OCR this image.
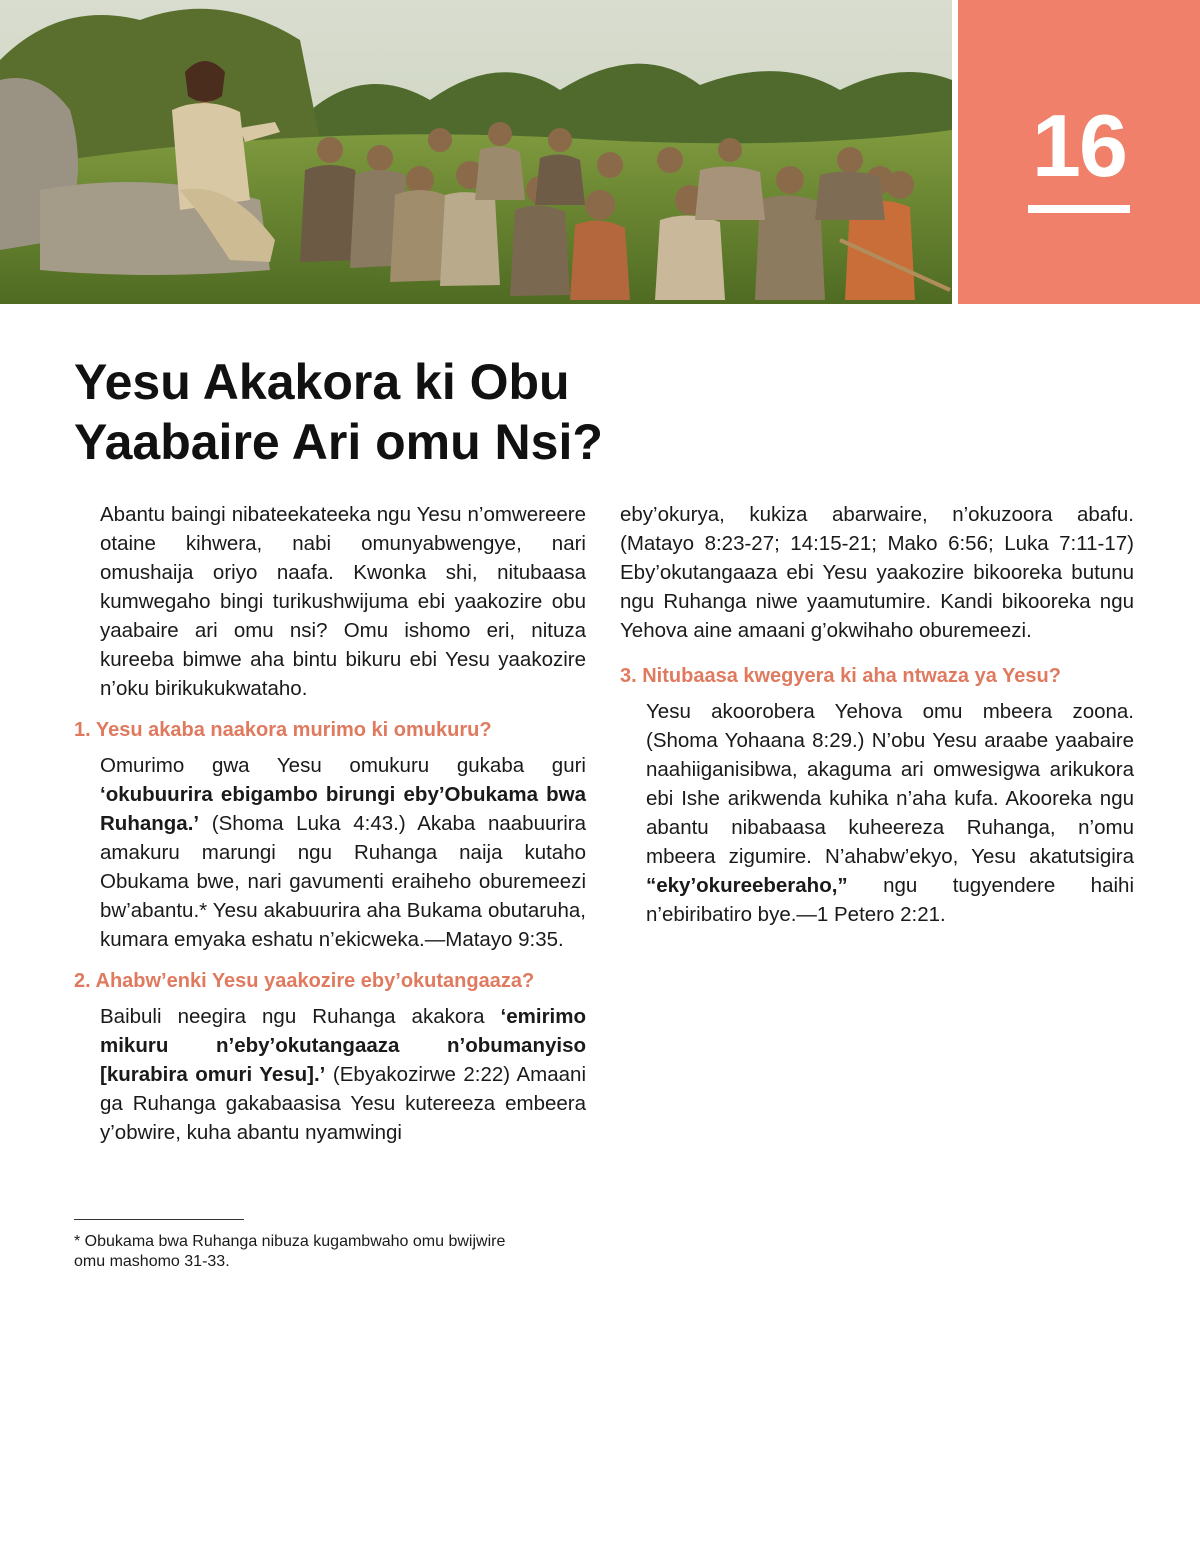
16
Yesu Akakora ki Obu
Yaabaire Ari omu Nsi?

Abantu baingi nibateekateeka ngu Yesu n’omwereere otaine kihwera, nabi omunyabwengye, nari omushaija oriyo naafa. Kwonka shi, nitubaasa kumwegaho bingi turikushwijuma ebi yaakozire obu yaabaire ari omu nsi? Omu ishomo eri, nituza kureeba bimwe aha bintu bikuru ebi Yesu yaakozire n’oku birikukukwataho.

1. Yesu akaba naakora murimo ki omukuru?

Omurimo gwa Yesu omukuru gukaba guri ‘okubuurira ebigambo birungi eby’Obukama bwa Ruhanga.’ (Shoma Luka 4:43.) Akaba naabuurira amakuru marungi ngu Ruhanga naija kutaho Obukama bwe, nari gavumenti eraiheho oburemeezi bw’abantu.* Yesu akabuurira aha Bukama obutaruha, kumara emyaka eshatu n’ekicweka.—Matayo 9:35.

2. Ahabw’enki Yesu yaakozire eby’okutangaaza?

Baibuli neegira ngu Ruhanga akakora ‘emirimo mikuru n’eby’okutangaaza n’obumanyiso [kurabira omuri Yesu].’ (Ebyakozirwe 2:22) Amaani ga Ruhanga gakabaasisa Yesu kutereeza embeera y’obwire, kuha abantu nyamwingi

eby’okurya, kukiza abarwaire, n’okuzoora abafu. (Matayo 8:23-27; 14:15-21; Mako 6:56; Luka 7:11-17) Eby’okutangaaza ebi Yesu yaakozire bikooreka butunu ngu Ruhanga niwe yaamutumire. Kandi bikooreka ngu Yehova aine amaani g’okwihaho oburemeezi.

3. Nitubaasa kwegyera ki aha ntwaza ya Yesu?

Yesu akoorobera Yehova omu mbeera zoona. (Shoma Yohaana 8:29.) N’obu Yesu araabe yaabaire naahiiganisibwa, akaguma ari omwesigwa arikukora ebi Ishe arikwenda kuhika n’aha kufa. Akooreka ngu abantu nibabaasa kuheereza Ruhanga, n’omu mbeera zigumire. N’ahabw’ekyo, Yesu akatutsigira “eky’okureeberaho,” ngu tugyendere haihi n’ebiribatiro bye.—1 Petero 2:21.

* Obukama bwa Ruhanga nibuza kugambwaho omu bwijwire
omu mashomo 31-33.
